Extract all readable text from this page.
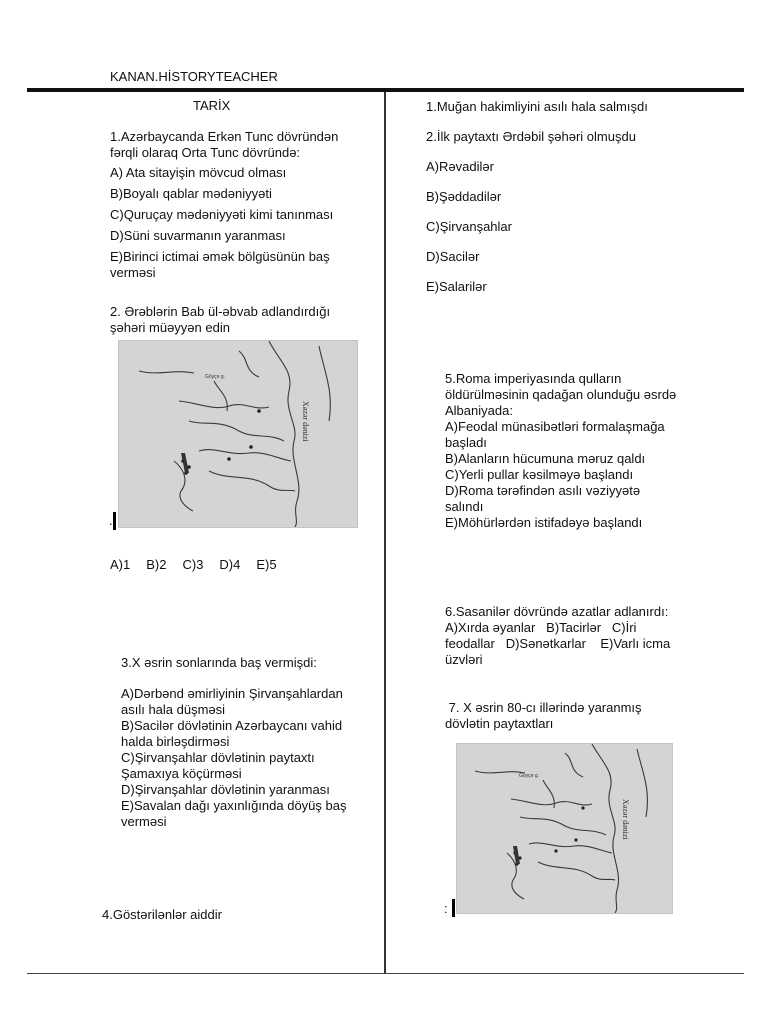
KANAN.HİSTORYTEACHER
TARİX
1.Azərbaycanda Erkən Tunc dövründən
fərqli olaraq Orta Tunc dövründə:
A) Ata sitayişin mövcud olması
B)Boyalı qablar mədəniyyəti
C)Quruçay mədəniyyəti kimi tanınması
D)Süni suvarmanın yaranması
E)Birinci ictimai əmək bölgüsünün baş
verməsi
2. Ərəblərin Bab ül-əbvab adlandırdığı
şəhəri müəyyən edin
Göyçə g.
Xəzər dənizi
.
A)1 B)2 C)3 D)4 E)5
3.X əsrin sonlarında baş vermişdi:
A)Dərbənd əmirliyinin Şirvanşahlardan
asılı hala düşməsi
B)Sacilər dövlətinin Azərbaycanı vahid
halda birləşdirməsi
C)Şirvanşahlar dövlətinin paytaxtı
Şamaxıya köçürməsi
D)Şirvanşahlar dövlətinin yaranması
E)Savalan dağı yaxınlığında döyüş baş
verməsi
4.Göstərilənlər aiddir
1.Muğan hakimliyini asılı hala salmışdı
2.İlk paytaxtı Ərdəbil şəhəri olmuşdu
A)Rəvadilər
B)Şəddadilər
C)Şirvanşahlar
D)Sacilər
E)Salarilər
5.Roma imperiyasında qulların
öldürülməsinin qadağan olunduğu əsrdə
Albaniyada:
A)Feodal münasibətləri formalaşmağa
başladı
B)Alanların hücumuna məruz qaldı
C)Yerli pullar kəsilməyə başlandı
D)Roma tərəfindən asılı vəziyyətə
salındı
E)Möhürlərdən istifadəyə başlandı
6.Sasanilər dövründə azatlar adlanırdı:
A)Xırda əyanlar   B)Tacirlər   C)İri
feodallar   D)Sənətkarlar    E)Varlı icma
üzvləri
7. X əsrin 80-cı illərində yaranmış
dövlətin paytaxtları
Göyçə g.
Xəzər dənizi
:
